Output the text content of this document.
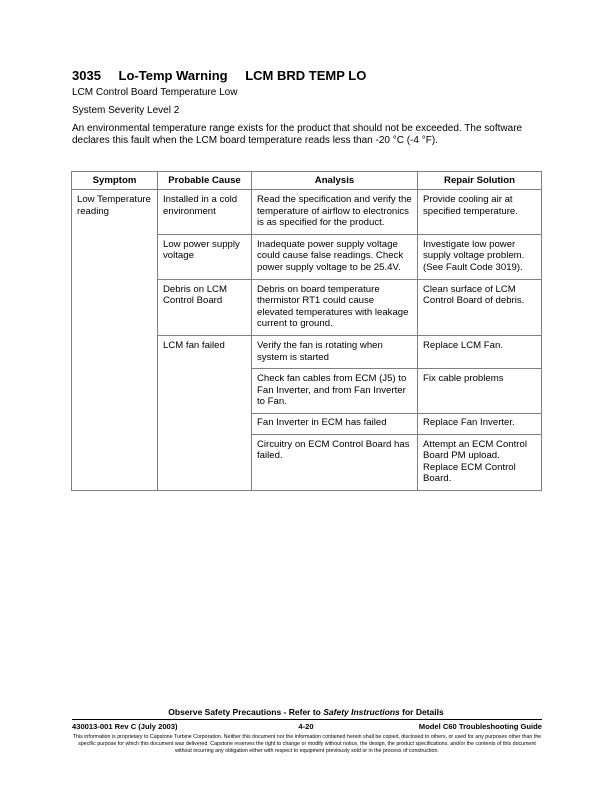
3035 Lo-Temp Warning LCM BRD TEMP LO
LCM Control Board Temperature Low
System Severity Level 2
An environmental temperature range exists for the product that should not be exceeded. The software declares this fault when the LCM board temperature reads less than -20 °C (-4 °F).
Symptom	Probable Cause	Analysis	Repair Solution
Low Temperature reading	Installed in a cold environment	Read the specification and verify the temperature of airflow to electronics is as specified for the product.	Provide cooling air at specified temperature.
	Low power supply voltage	Inadequate power supply voltage could cause false readings. Check power supply voltage to be 25.4V.	Investigate low power supply voltage problem. (See Fault Code 3019).
	Debris on LCM Control Board	Debris on board temperature thermistor RT1 could cause elevated temperatures with leakage current to ground.	Clean surface of LCM Control Board of debris.
	LCM fan failed	Verify the fan is rotating when system is started	Replace LCM Fan.
		Check fan cables from ECM (J5) to Fan Inverter, and from Fan Inverter to Fan.	Fix cable problems
		Fan Inverter in ECM has failed	Replace Fan Inverter.
		Circuitry on ECM Control Board has failed.	Attempt an ECM Control Board PM upload. Replace ECM Control Board.
Observe Safety Precautions - Refer to Safety Instructions for Details
430013-001 Rev C (July 2003)	4-20	Model C60 Troubleshooting Guide
This information is proprietary to Capstone Turbine Corporation. Neither this document nor the information contained herein shall be copied, disclosed to others, or used for any purposes other than the specific purpose for which this document was delivered. Capstone reserves the right to change or modify without notice, the design, the product specifications, and/or the contents of this document without incurring any obligation either with respect to equipment previously sold or in the process of construction.
